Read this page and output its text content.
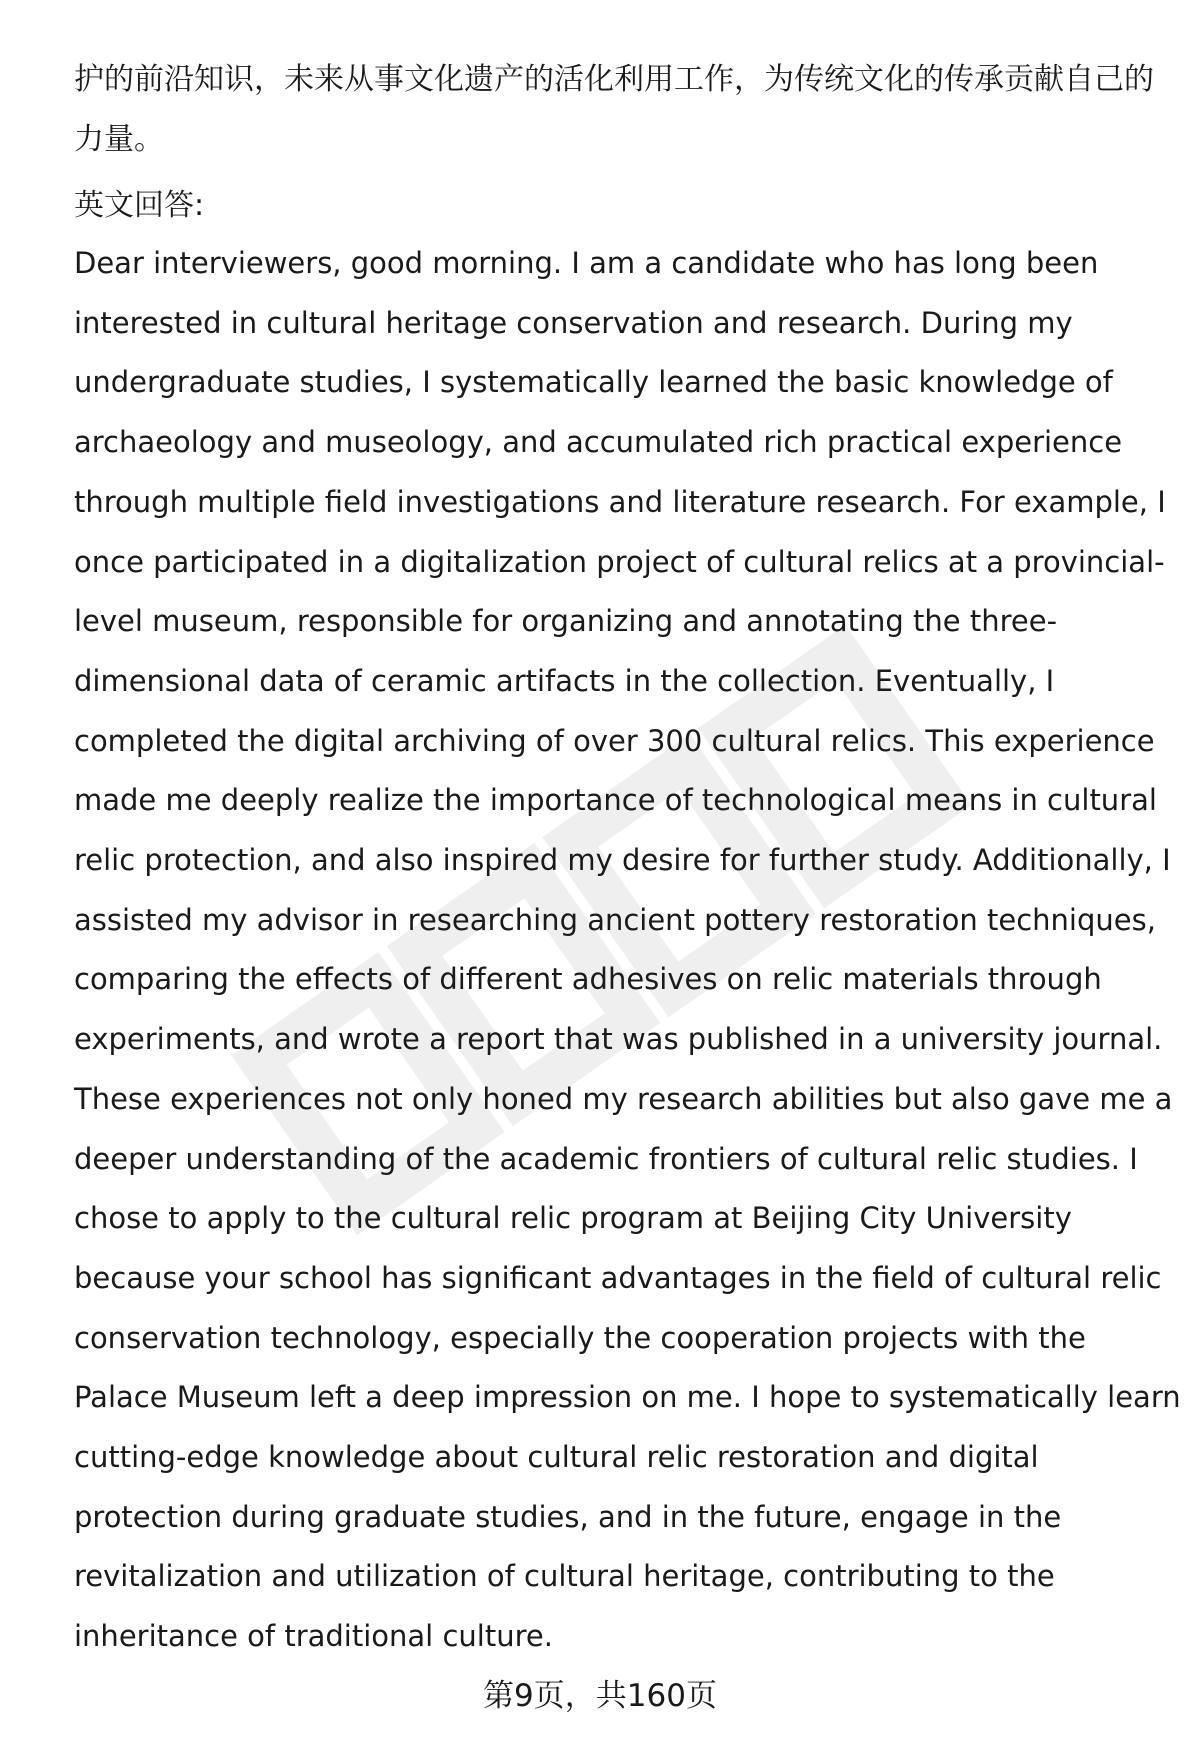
护的前沿知识，未来从事文化遗产的活化利用工作，为传统文化的传承贡献自己的
力量。

英文回答:

Dear interviewers, good morning. I am a candidate who has long been
interested in cultural heritage conservation and research. During my
undergraduate studies, I systematically learned the basic knowledge of
archaeology and museology, and accumulated rich practical experience
through multiple field investigations and literature research. For example, I
once participated in a digitalization project of cultural relics at a provincial-
level museum, responsible for organizing and annotating the three-
dimensional data of ceramic artifacts in the collection. Eventually, I
completed the digital archiving of over 300 cultural relics. This experience
made me deeply realize the importance of technological means in cultural
relic protection, and also inspired my desire for further study. Additionally, I
assisted my advisor in researching ancient pottery restoration techniques,
comparing the effects of different adhesives on relic materials through
experiments, and wrote a report that was published in a university journal.
These experiences not only honed my research abilities but also gave me a
deeper understanding of the academic frontiers of cultural relic studies. I
chose to apply to the cultural relic program at Beijing City University
because your school has significant advantages in the field of cultural relic
conservation technology, especially the cooperation projects with the
Palace Museum left a deep impression on me. I hope to systematically learn
cutting-edge knowledge about cultural relic restoration and digital
protection during graduate studies, and in the future, engage in the
revitalization and utilization of cultural heritage, contributing to the
inheritance of traditional culture.

第9页，共160页
